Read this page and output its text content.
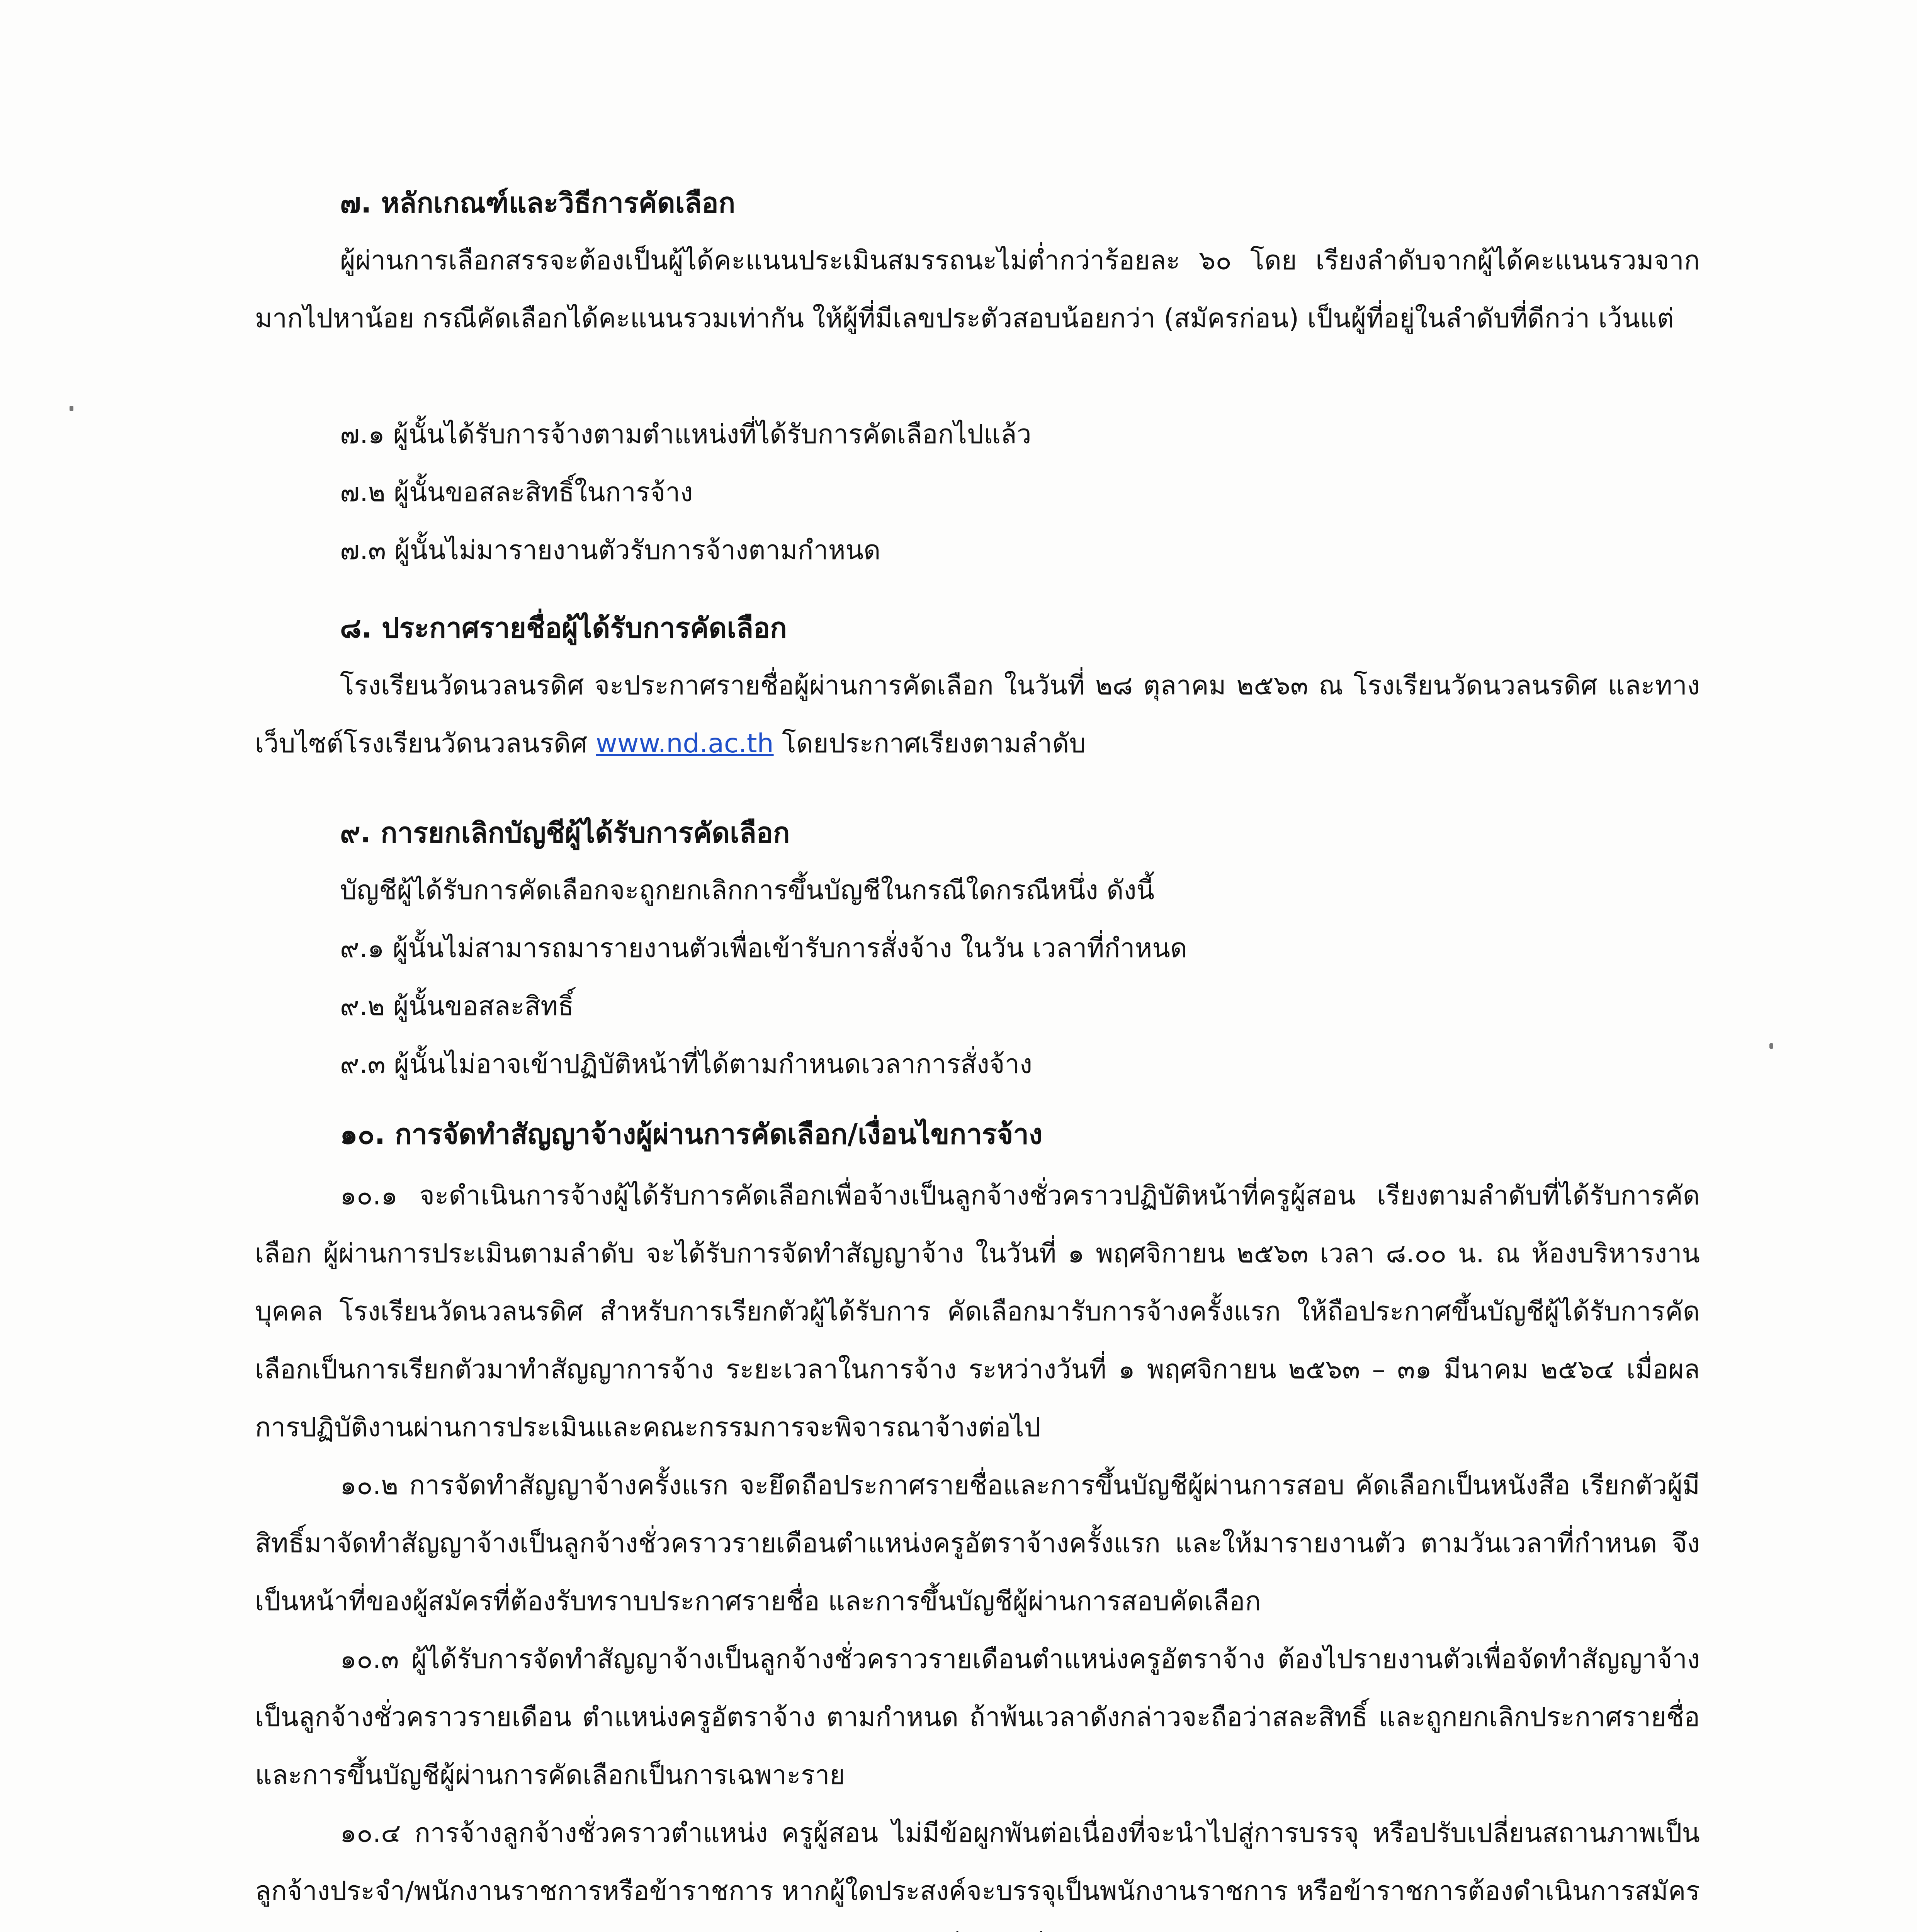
๗. หลักเกณฑ์และวิธีการคัดเลือก

ผู้ผ่านการเลือกสรรจะต้องเป็นผู้ได้คะแนนประเมินสมรรถนะไม่ต่ำกว่าร้อยละ ๖๐ โดย เรียงลำดับจากผู้ได้คะแนนรวมจากมากไปหาน้อย กรณีคัดเลือกได้คะแนนรวมเท่ากัน ให้ผู้ที่มีเลขประตัวสอบน้อยกว่า (สมัครก่อน) เป็นผู้ที่อยู่ในลำดับที่ดีกว่า เว้นแต่

๗.๑ ผู้นั้นได้รับการจ้างตามตำแหน่งที่ได้รับการคัดเลือกไปแล้ว
๗.๒ ผู้นั้นขอสละสิทธิ์ในการจ้าง
๗.๓ ผู้นั้นไม่มารายงานตัวรับการจ้างตามกำหนด
๘. ประกาศรายชื่อผู้ได้รับการคัดเลือก

โรงเรียนวัดนวลนรดิศ จะประกาศรายชื่อผู้ผ่านการคัดเลือก ในวันที่ ๒๘ ตุลาคม ๒๕๖๓ ณ โรงเรียนวัดนวลนรดิศ และทางเว็บไซต์โรงเรียนวัดนวลนรดิศ www.nd.ac.th โดยประกาศเรียงตามลำดับ

๙. การยกเลิกบัญชีผู้ได้รับการคัดเลือก
บัญชีผู้ได้รับการคัดเลือกจะถูกยกเลิกการขึ้นบัญชีในกรณีใดกรณีหนึ่ง ดังนี้
๙.๑ ผู้นั้นไม่สามารถมารายงานตัวเพื่อเข้ารับการสั่งจ้าง ในวัน เวลาที่กำหนด
๙.๒ ผู้นั้นขอสละสิทธิ์
๙.๓ ผู้นั้นไม่อาจเข้าปฏิบัติหน้าที่ได้ตามกำหนดเวลาการสั่งจ้าง
๑๐. การจัดทำสัญญาจ้างผู้ผ่านการคัดเลือก/เงื่อนไขการจ้าง

๑๐.๑ จะดำเนินการจ้างผู้ได้รับการคัดเลือกเพื่อจ้างเป็นลูกจ้างชั่วคราวปฏิบัติหน้าที่ครูผู้สอน เรียงตามลำดับที่ได้รับการคัดเลือก ผู้ผ่านการประเมินตามลำดับ จะได้รับการจัดทำสัญญาจ้าง ในวันที่ ๑ พฤศจิกายน ๒๕๖๓ เวลา ๘.๐๐ น. ณ ห้องบริหารงานบุคคล โรงเรียนวัดนวลนรดิศ สำหรับการเรียกตัวผู้ได้รับการ คัดเลือกมารับการจ้างครั้งแรก ให้ถือประกาศขึ้นบัญชีผู้ได้รับการคัดเลือกเป็นการเรียกตัวมาทำสัญญาการจ้าง ระยะเวลาในการจ้าง ระหว่างวันที่ ๑ พฤศจิกายน ๒๕๖๓ – ๓๑ มีนาคม ๒๕๖๔ เมื่อผลการปฏิบัติงานผ่านการประเมินและคณะกรรมการจะพิจารณาจ้างต่อไป

๑๐.๒ การจัดทำสัญญาจ้างครั้งแรก จะยึดถือประกาศรายชื่อและการขึ้นบัญชีผู้ผ่านการสอบ คัดเลือกเป็นหนังสือ เรียกตัวผู้มีสิทธิ์มาจัดทำสัญญาจ้างเป็นลูกจ้างชั่วคราวรายเดือนตำแหน่งครูอัตราจ้างครั้งแรก และให้มารายงานตัว ตามวันเวลาที่กำหนด จึงเป็นหน้าที่ของผู้สมัครที่ต้องรับทราบประกาศรายชื่อ และการขึ้นบัญชีผู้ผ่านการสอบคัดเลือก

๑๐.๓ ผู้ได้รับการจัดทำสัญญาจ้างเป็นลูกจ้างชั่วคราวรายเดือนตำแหน่งครูอัตราจ้าง ต้องไปรายงานตัวเพื่อจัดทำสัญญาจ้างเป็นลูกจ้างชั่วคราวรายเดือน ตำแหน่งครูอัตราจ้าง ตามกำหนด ถ้าพ้นเวลาดังกล่าวจะถือว่าสละสิทธิ์ และถูกยกเลิกประกาศรายชื่อ และการขึ้นบัญชีผู้ผ่านการคัดเลือกเป็นการเฉพาะราย

๑๐.๔ การจ้างลูกจ้างชั่วคราวตำแหน่ง ครูผู้สอน ไม่มีข้อผูกพันต่อเนื่องที่จะนำไปสู่การบรรจุ หรือปรับเปลี่ยนสถานภาพเป็นลูกจ้างประจำ/พนักงานราชการหรือข้าราชการ หากผู้ใดประสงค์จะบรรจุเป็นพนักงานราชการ หรือข้าราชการต้องดำเนินการสมัคร
